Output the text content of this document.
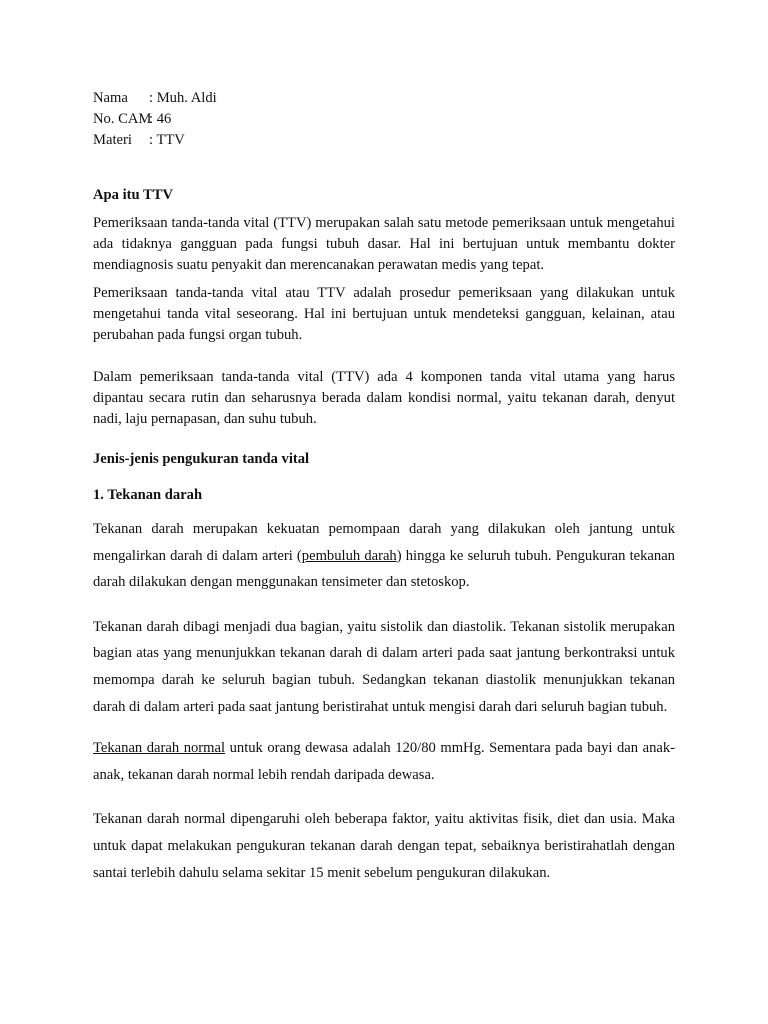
Nama : Muh. Aldi
No. CAM: 46
Materi : TTV
Apa itu TTV

Pemeriksaan tanda-tanda vital (TTV) merupakan salah satu metode pemeriksaan untuk mengetahui ada tidaknya gangguan pada fungsi tubuh dasar. Hal ini bertujuan untuk membantu dokter mendiagnosis suatu penyakit dan merencanakan perawatan medis yang tepat.

Pemeriksaan tanda-tanda vital atau TTV adalah prosedur pemeriksaan yang dilakukan untuk mengetahui tanda vital seseorang. Hal ini bertujuan untuk mendeteksi gangguan, kelainan, atau perubahan pada fungsi organ tubuh.

Dalam pemeriksaan tanda-tanda vital (TTV) ada 4 komponen tanda vital utama yang harus dipantau secara rutin dan seharusnya berada dalam kondisi normal, yaitu tekanan darah, denyut nadi, laju pernapasan, dan suhu tubuh.

Jenis-jenis pengukuran tanda vital
1. Tekanan darah

Tekanan darah merupakan kekuatan pemompaan darah yang dilakukan oleh jantung untuk mengalirkan darah di dalam arteri (pembuluh darah) hingga ke seluruh tubuh. Pengukuran tekanan darah dilakukan dengan menggunakan tensimeter dan stetoskop.

Tekanan darah dibagi menjadi dua bagian, yaitu sistolik dan diastolik. Tekanan sistolik merupakan bagian atas yang menunjukkan tekanan darah di dalam arteri pada saat jantung berkontraksi untuk memompa darah ke seluruh bagian tubuh. Sedangkan tekanan diastolik menunjukkan tekanan darah di dalam arteri pada saat jantung beristirahat untuk mengisi darah dari seluruh bagian tubuh.

Tekanan darah normal untuk orang dewasa adalah 120/80 mmHg. Sementara pada bayi dan anak-anak, tekanan darah normal lebih rendah daripada dewasa.

Tekanan darah normal dipengaruhi oleh beberapa faktor, yaitu aktivitas fisik, diet dan usia. Maka untuk dapat melakukan pengukuran tekanan darah dengan tepat, sebaiknya beristirahatlah dengan santai terlebih dahulu selama sekitar 15 menit sebelum pengukuran dilakukan.
